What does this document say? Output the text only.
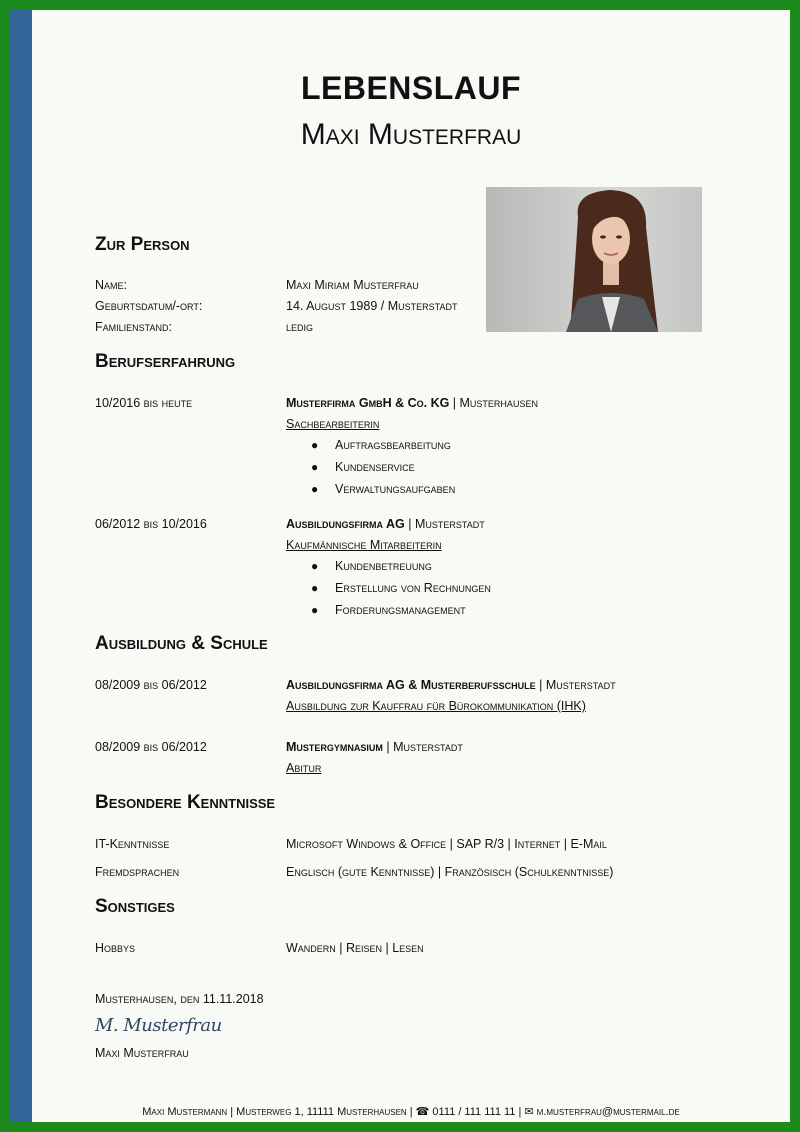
LEBENSLAUF
Maxi Musterfrau
Zur Person
Name:	Maxi Miriam Musterfrau
Geburtsdatum/-ort:	14. August 1989 / Musterstadt
Familienstand:	ledig
Berufserfahrung
10/2016 bis heute	Musterfirma GmbH & Co. KG | Musterhausen
Sachbearbeiterin
● Auftragsbearbeitung
● Kundenservice
● Verwaltungsaufgaben
06/2012 bis 10/2016	Ausbildungsfirma AG | Musterstadt
Kaufmännische Mitarbeiterin
● Kundenbetreuung
● Erstellung von Rechnungen
● Forderungsmanagement
Ausbildung & Schule
08/2009 bis 06/2012	Ausbildungsfirma AG & Musterberufsschule | Musterstadt
Ausbildung zur Kauffrau für Bürokommunikation (IHK)
08/2009 bis 06/2012	Mustergymnasium | Musterstadt
Abitur
Besondere Kenntnisse
IT-Kenntnisse	Microsoft Windows & Office | SAP R/3 | Internet | E-Mail
Fremdsprachen	Englisch (gute Kenntnisse) | Französisch (Schulkenntnisse)
Sonstiges
Hobbys	Wandern | Reisen | Lesen
Musterhausen, den 11.11.2018
M. Musterfrau
Maxi Musterfrau
Maxi Mustermann | Musterweg 1, 11111 Musterhausen | ☎ 0111 / 111 111 11 | ✉ m.musterfrau@mustermail.de
